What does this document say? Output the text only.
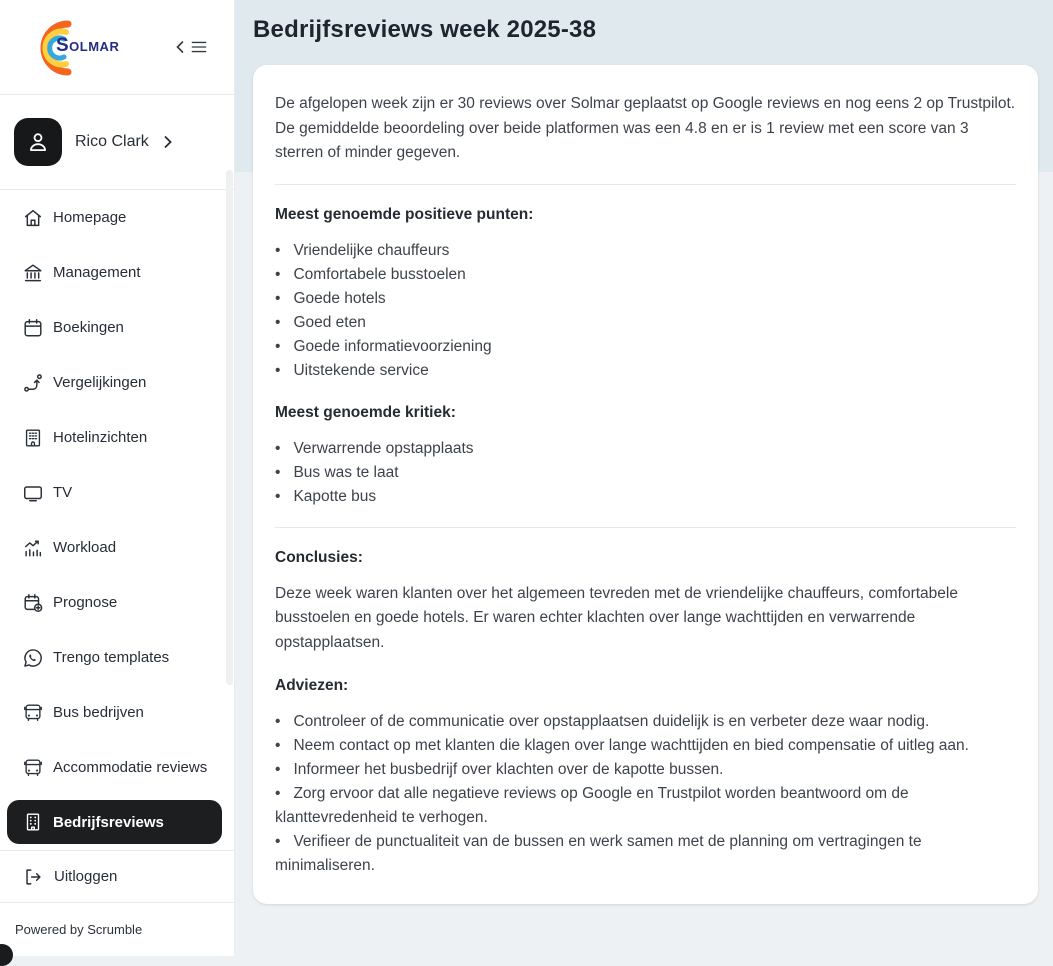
Solmar
Rico Clark
Homepage
Management
Boekingen
Vergelijkingen
Hotelinzichten
TV
Workload
Prognose
Trengo templates
Bus bedrijven
Accommodatie reviews
Bedrijfsreviews
Uitloggen
Powered by Scrumble
Bedrijfsreviews week 2025-38

De afgelopen week zijn er 30 reviews over Solmar geplaatst op Google reviews en nog eens 2 op Trustpilot. De gemiddelde beoordeling over beide platformen was een 4.8 en er is 1 review met een score van 3 sterren of minder gegeven.

Meest genoemde positieve punten:
• Vriendelijke chauffeurs
• Comfortabele busstoelen
• Goede hotels
• Goed eten
• Goede informatievoorziening
• Uitstekende service
Meest genoemde kritiek:
• Verwarrende opstapplaats
• Bus was te laat
• Kapotte bus
Conclusies:

Deze week waren klanten over het algemeen tevreden met de vriendelijke chauffeurs, comfortabele busstoelen en goede hotels. Er waren echter klachten over lange wachttijden en verwarrende opstapplaatsen.

Adviezen:
• Controleer of de communicatie over opstapplaatsen duidelijk is en verbeter deze waar nodig.
• Neem contact op met klanten die klagen over lange wachttijden en bied compensatie of uitleg aan.
• Informeer het busbedrijf over klachten over de kapotte bussen.
• Zorg ervoor dat alle negatieve reviews op Google en Trustpilot worden beantwoord om de klanttevredenheid te verhogen.
• Verifieer de punctualiteit van de bussen en werk samen met de planning om vertragingen te minimaliseren.
